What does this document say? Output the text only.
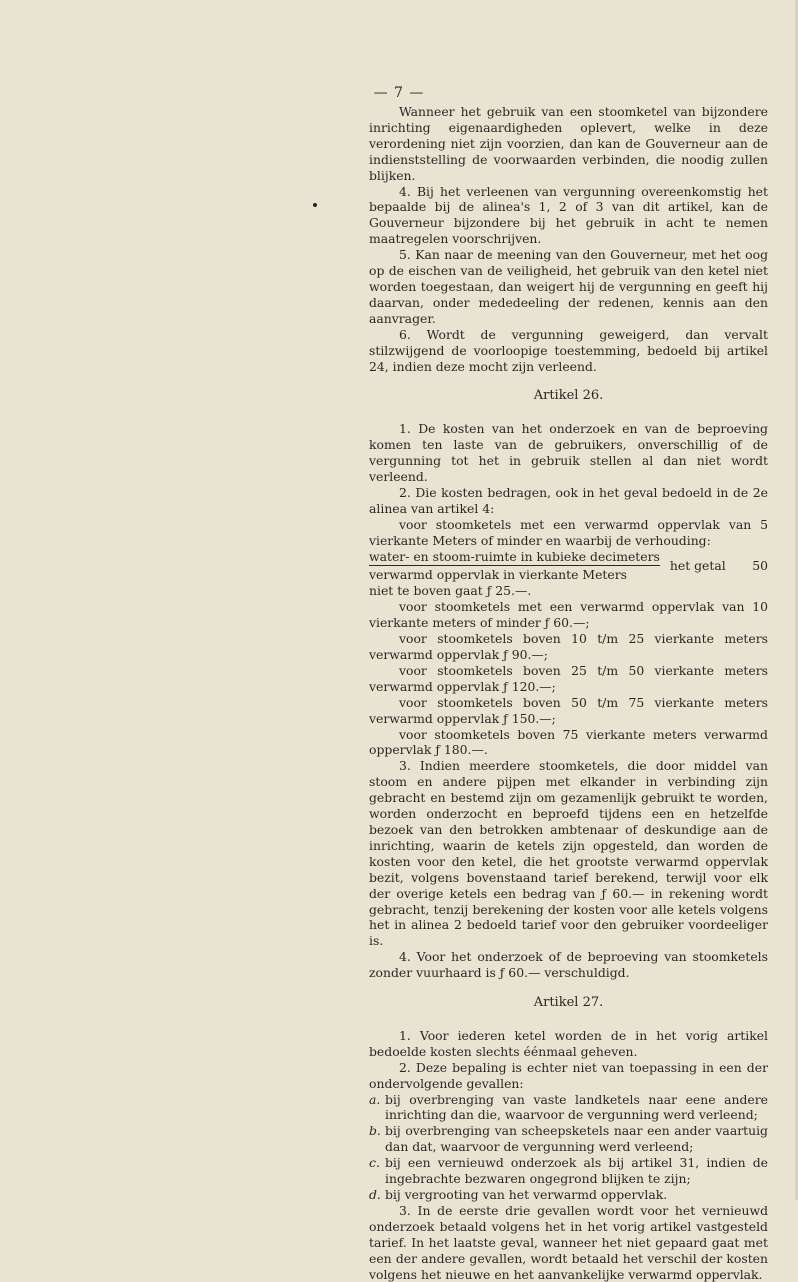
— 7 —

Wanneer het gebruik van een stoomketel van bijzondere inrichting eigenaardigheden oplevert, welke in deze verordening niet zijn voorzien, dan kan de Gouverneur aan de indienststelling de voorwaarden verbinden, die noodig zullen blijken.

4. Bij het verleenen van vergunning overeenkomstig het bepaalde bij de alinea's 1, 2 of 3 van dit artikel, kan de Gouverneur bijzondere bij het gebruik in acht te nemen maatregelen voorschrijven.

5. Kan naar de meening van den Gouverneur, met het oog op de eischen van de veiligheid, het gebruik van den ketel niet worden toegestaan, dan weigert hij de vergunning en geeft hij daarvan, onder mededeeling der redenen, kennis aan den aanvrager.

6. Wordt de vergunning geweigerd, dan vervalt stilzwijgend de voorloopige toestemming, bedoeld bij artikel 24, indien deze mocht zijn verleend.

Artikel 26.

1. De kosten van het onderzoek en van de beproeving komen ten laste van de gebruikers, onverschillig of de vergunning tot het in gebruik stellen al dan niet wordt verleend.

2. Die kosten bedragen, ook in het geval bedoeld in de 2e alinea van artikel 4:

voor stoomketels met een verwarmd oppervlak van 5 vierkante Meters of minder en waarbij de verhouding:

$\frac{\text{water- en stoom-ruimte in kubieke decimeters}}{\text{verwarmd oppervlak in vierkante Meters}}$ het getal 50

niet te boven gaat ƒ 25.—.

voor stoomketels met een verwarmd oppervlak van 10 vierkante meters of minder ƒ 60.—;

voor stoomketels boven 10 t/m 25 vierkante meters verwarmd oppervlak ƒ 90.—;

voor stoomketels boven 25 t/m 50 vierkante meters verwarmd oppervlak ƒ 120.—;

voor stoomketels boven 50 t/m 75 vierkante meters verwarmd oppervlak ƒ 150.—;

voor stoomketels boven 75 vierkante meters verwarmd oppervlak ƒ 180.—.

3. Indien meerdere stoomketels, die door middel van stoom en andere pijpen met elkander in verbinding zijn gebracht en bestemd zijn om gezamenlijk gebruikt te worden, worden onderzocht en beproefd tijdens een en hetzelfde bezoek van den betrokken ambtenaar of deskundige aan de inrichting, waarin de ketels zijn opgesteld, dan worden de kosten voor den ketel, die het grootste verwarmd oppervlak bezit, volgens bovenstaand tarief berekend, terwijl voor elk der overige ketels een bedrag van ƒ 60.— in rekening wordt gebracht, tenzij berekening der kosten voor alle ketels volgens het in alinea 2 bedoeld tarief voor den gebruiker voordeeliger is.

4. Voor het onderzoek of de beproeving van stoomketels zonder vuurhaard is ƒ 60.— verschuldigd.

Artikel 27.

1. Voor iederen ketel worden de in het vorig artikel bedoelde kosten slechts éénmaal geheven.

2. Deze bepaling is echter niet van toepassing in een der ondervolgende gevallen:

a. bij overbrenging van vaste landketels naar eene andere inrichting dan die, waarvoor de vergunning werd verleend;
b. bij overbrenging van scheepsketels naar een ander vaartuig dan dat, waarvoor de vergunning werd verleend;
c. bij een vernieuwd onderzoek als bij artikel 31, indien de ingebrachte bezwaren ongegrond blijken te zijn;
d. bij vergrooting van het verwarmd oppervlak.

3. In de eerste drie gevallen wordt voor het vernieuwd onderzoek betaald volgens het in het vorig artikel vastgesteld tarief. In het laatste geval, wanneer het niet gepaard gaat met een der andere gevallen, wordt betaald het verschil der kosten volgens het nieuwe en het aanvankelijke verwarmd oppervlak.
